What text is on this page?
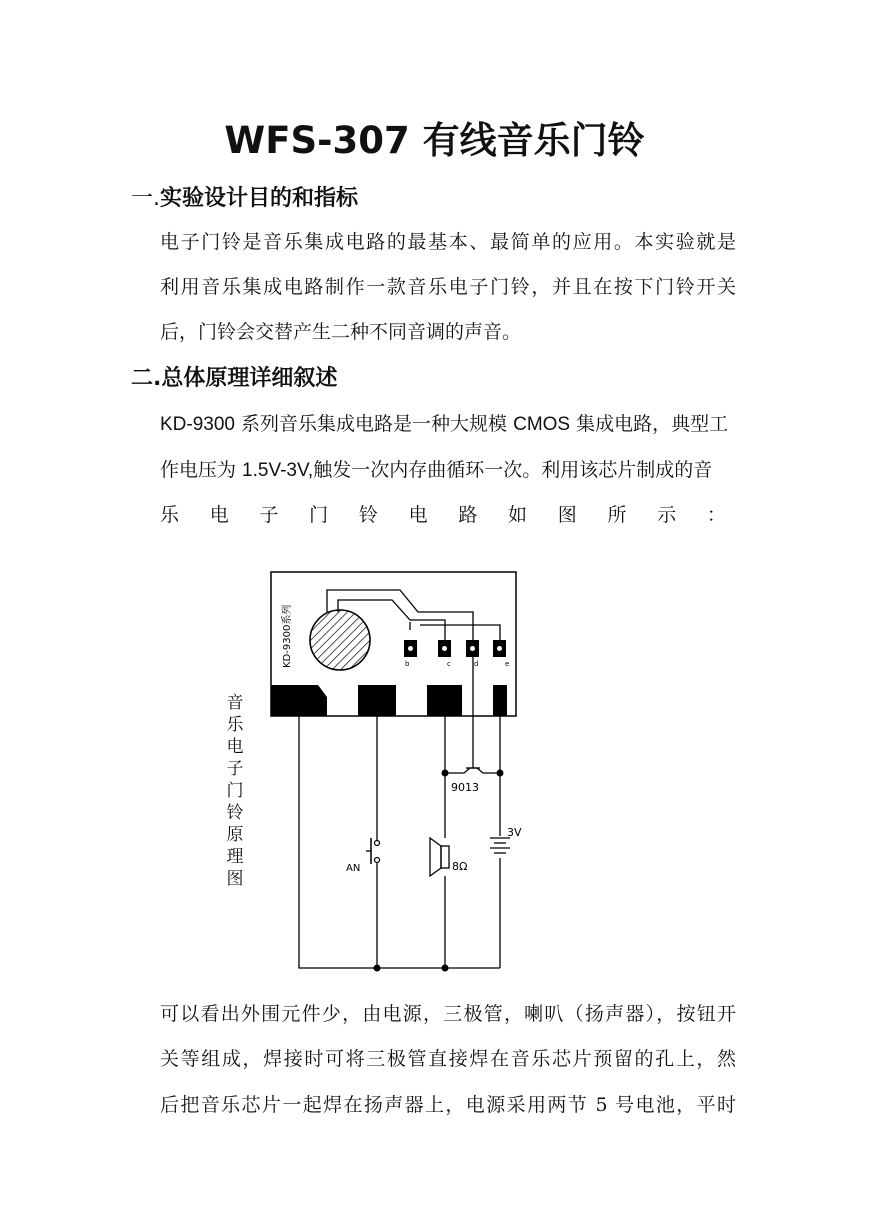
WFS-307 有线音乐门铃
一.实验设计目的和指标

电子门铃是音乐集成电路的最基本、最简单的应用。本实验就是

利用音乐集成电路制作一款音乐电子门铃，并且在按下门铃开关

后，门铃会交替产生二种不同音调的声音。

二.总体原理详细叙述

KD-9300 系列音乐集成电路是一种大规模 CMOS 集成电路，典型工

作电压为 1.5V-3V,触发一次内存曲循环一次。利用该芯片制成的音

乐 电 子 门 铃 电 路 如 图 所 示 ：

音
乐
电
子
门
铃
原
理
图
KD-9300系列	b	c	d	e
9013
AN	8Ω
3V

可以看出外围元件少，由电源，三极管，喇叭（扬声器），按钮开

关等组成，焊接时可将三极管直接焊在音乐芯片预留的孔上，然

后把音乐芯片一起焊在扬声器上，电源采用两节 5 号电池，平时
